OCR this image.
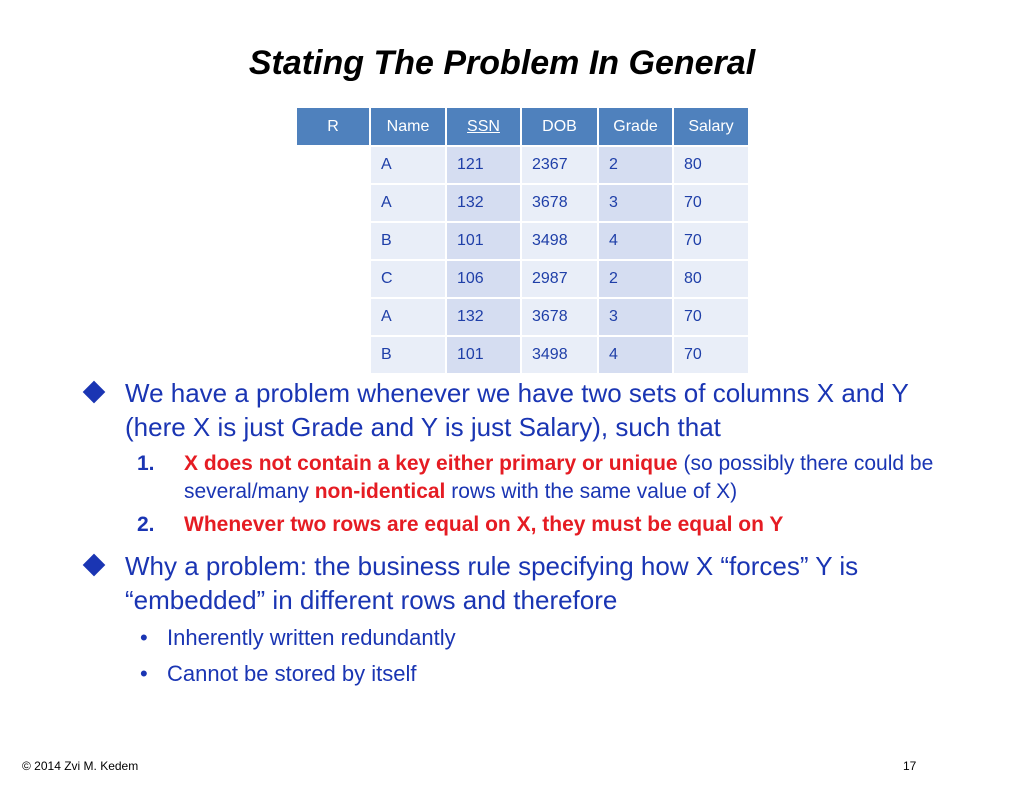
Stating The Problem In General
R	Name	SSN	DOB	Grade	Salary
	A	121	2367	2	80
	A	132	3678	3	70
	B	101	3498	4	70
	C	106	2987	2	80
	A	132	3678	3	70
	B	101	3498	4	70
We have a problem whenever we have two sets of columns X and Y (here X is just Grade and Y is just Salary), such that
1. X does not contain a key either primary or unique (so possibly there could be several/many non-identical rows with the same value of X)
2. Whenever two rows are equal on X, they must be equal on Y
Why a problem: the business rule specifying how X “forces” Y is “embedded” in different rows and therefore
• Inherently written redundantly
• Cannot be stored by itself
© 2014 Zvi M. Kedem	17
